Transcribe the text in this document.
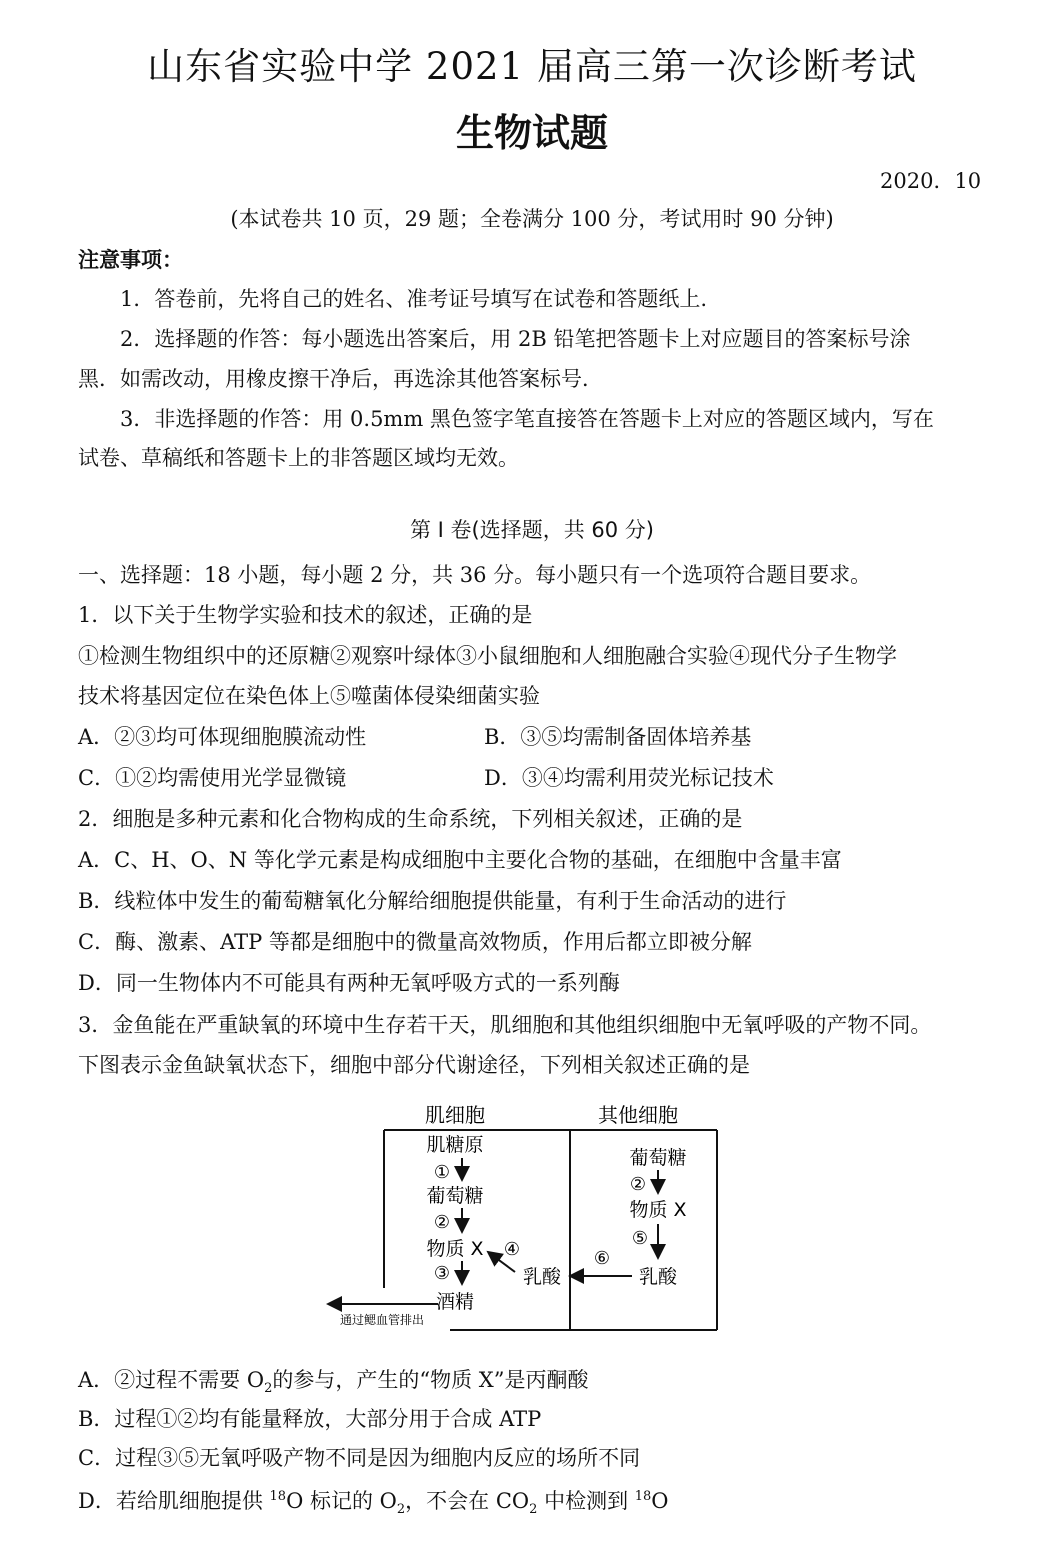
山东省实验中学 2021 届高三第一次诊断考试
生物试题
2020．10
(本试卷共 10 页，29 题；全卷满分 100 分，考试用时 90 分钟)
注意事项：
1．答卷前，先将自己的姓名、准考证号填写在试卷和答题纸上.
2．选择题的作答：每小题选出答案后，用 2B 铅笔把答题卡上对应题目的答案标号涂
黑．如需改动，用橡皮擦干净后，再选涂其他答案标号．
3．非选择题的作答：用 0.5mm 黑色签字笔直接答在答题卡上对应的答题区域内，写在
试卷、草稿纸和答题卡上的非答题区域均无效。
第 I 卷(选择题，共 60 分)
一、选择题：18 小题，每小题 2 分，共 36 分。每小题只有一个选项符合题目要求。
1．以下关于生物学实验和技术的叙述，正确的是
①检测生物组织中的还原糖②观察叶绿体③小鼠细胞和人细胞融合实验④现代分子生物学
技术将基因定位在染色体上⑤噬菌体侵染细菌实验
A．②③均可体现细胞膜流动性	B．③⑤均需制备固体培养基
C．①②均需使用光学显微镜	D．③④均需利用荧光标记技术
2．细胞是多种元素和化合物构成的生命系统，下列相关叙述，正确的是
A．C、H、O、N 等化学元素是构成细胞中主要化合物的基础，在细胞中含量丰富
B．线粒体中发生的葡萄糖氧化分解给细胞提供能量，有利于生命活动的进行
C．酶、激素、ATP 等都是细胞中的微量高效物质，作用后都立即被分解
D．同一生物体内不可能具有两种无氧呼吸方式的一系列酶
3．金鱼能在严重缺氧的环境中生存若干天，肌细胞和其他组织细胞中无氧呼吸的产物不同。
下图表示金鱼缺氧状态下，细胞中部分代谢途径，下列相关叙述正确的是
肌细胞	其他细胞
肌糖原
①
葡萄糖
②
物质 X
③
酒精
乳酸
④
葡萄糖
②
物质 X
⑤
乳酸
⑥
通过鳃血管排出
A．②过程不需要 $O_2$的参与，产生的“物质 X”是丙酮酸
B．过程①②均有能量释放，大部分用于合成 ATP
C．过程③⑤无氧呼吸产物不同是因为细胞内反应的场所不同
D．若给肌细胞提供 $^{18}$O 标记的 $O_2$，不会在 $CO_2$ 中检测到 $^{18}$O
